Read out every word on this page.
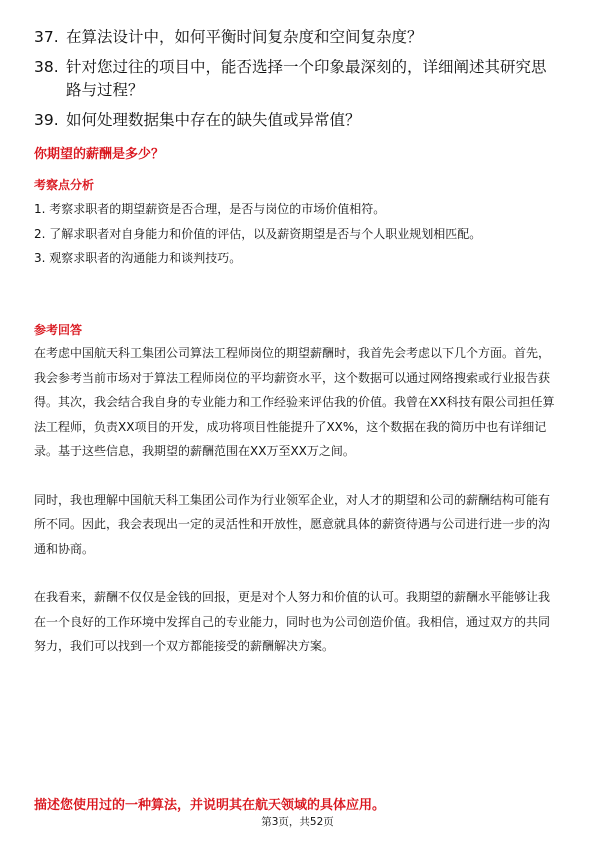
37. 在算法设计中，如何平衡时间复杂度和空间复杂度？
38. 针对您过往的项目中，能否选择一个印象最深刻的，详细阐述其研究思路与过程？
39. 如何处理数据集中存在的缺失值或异常值？
你期望的薪酬是多少？
考察点分析

1. 考察求职者的期望薪资是否合理，是否与岗位的市场价值相符。

2. 了解求职者对自身能力和价值的评估，以及薪资期望是否与个人职业规划相匹配。

3. 观察求职者的沟通能力和谈判技巧。

参考回答

在考虑中国航天科工集团公司算法工程师岗位的期望薪酬时，我首先会考虑以下几个方面。首先，我会参考当前市场对于算法工程师岗位的平均薪资水平，这个数据可以通过网络搜索或行业报告获得。其次，我会结合我自身的专业能力和工作经验来评估我的价值。我曾在XX科技有限公司担任算法工程师，负责XX项目的开发，成功将项目性能提升了XX%，这个数据在我的简历中也有详细记录。基于这些信息，我期望的薪酬范围在XX万至XX万之间。

同时，我也理解中国航天科工集团公司作为行业领军企业，对人才的期望和公司的薪酬结构可能有所不同。因此，我会表现出一定的灵活性和开放性，愿意就具体的薪资待遇与公司进行进一步的沟通和协商。

在我看来，薪酬不仅仅是金钱的回报，更是对个人努力和价值的认可。我期望的薪酬水平能够让我在一个良好的工作环境中发挥自己的专业能力，同时也为公司创造价值。我相信，通过双方的共同努力，我们可以找到一个双方都能接受的薪酬解决方案。

描述您使用过的一种算法，并说明其在航天领域的具体应用。
第3页，共52页
